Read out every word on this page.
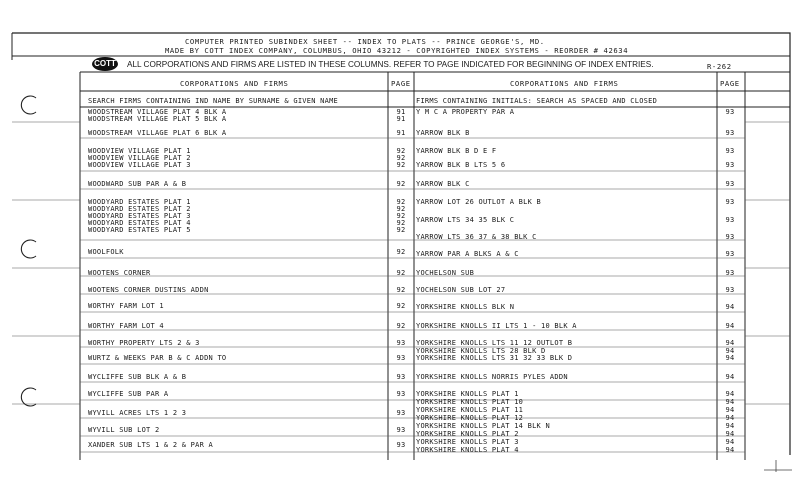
COMPUTER PRINTED SUBINDEX SHEET -- INDEX TO PLATS -- PRINCE GEORGE'S, MD.
MADE BY COTT INDEX COMPANY, COLUMBUS, OHIO 43212 - COPYRIGHTED INDEX SYSTEMS - REORDER # 42634
COTT ALL CORPORATIONS AND FIRMS ARE LISTED IN THESE COLUMNS. REFER TO PAGE INDICATED FOR BEGINNING OF INDEX ENTRIES.	R-262
CORPORATIONS AND FIRMS	PAGE	CORPORATIONS AND FIRMS	PAGE
SEARCH FIRMS CONTAINING IND NAME BY SURNAME & GIVEN NAME	FIRMS CONTAINING INITIALS: SEARCH AS SPACED AND CLOSED
WOODSTREAM VILLAGE PLAT 4 BLK A	91
WOODSTREAM VILLAGE PLAT 5 BLK A	91
WOODSTREAM VILLAGE PLAT 6 BLK A	91
WOODVIEW VILLAGE PLAT 1	92
WOODVIEW VILLAGE PLAT 2	92
WOODVIEW VILLAGE PLAT 3	92
WOODWARD SUB PAR A & B	92
WOODYARD ESTATES PLAT 1	92
WOODYARD ESTATES PLAT 2	92
WOODYARD ESTATES PLAT 3	92
WOODYARD ESTATES PLAT 4	92
WOODYARD ESTATES PLAT 5	92
WOOLFOLK	92
WOOTENS CORNER	92
WOOTENS CORNER DUSTINS ADDN	92
WORTHY FARM LOT 1	92
WORTHY FARM LOT 4	92
WORTHY PROPERTY LTS 2 & 3	93
WURTZ & WEEKS PAR B & C ADDN TO	93
WYCLIFFE SUB BLK A & B	93
WYCLIFFE SUB PAR A	93
WYVILL ACRES LTS 1 2 3	93
WYVILL SUB LOT 2	93
XANDER SUB LTS 1 & 2 & PAR A	93
Y M C A PROPERTY PAR A	93
YARROW BLK B	93
YARROW BLK B D E F	93
YARROW BLK B LTS 5 6	93
YARROW BLK C	93
YARROW LOT 26 OUTLOT A BLK B	93
YARROW LTS 34 35 BLK C	93
YARROW LTS 36 37 & 38 BLK C	93
YARROW PAR A BLKS A & C	93
YOCHELSON SUB	93
YOCHELSON SUB LOT 27	93
YORKSHIRE KNOLLS BLK N	94
YORKSHIRE KNOLLS II LTS 1 - 10 BLK A	94
YORKSHIRE KNOLLS LTS 11 12 OUTLOT B	94
YORKSHIRE KNOLLS LTS 28 BLK D	94
YORKSHIRE KNOLLS LTS 31 32 33 BLK D	94
YORKSHIRE KNOLLS NORRIS PYLES ADDN	94
YORKSHIRE KNOLLS PLAT 1	94
YORKSHIRE KNOLLS PLAT 10	94
YORKSHIRE KNOLLS PLAT 11	94
YORKSHIRE KNOLLS PLAT 12	94
YORKSHIRE KNOLLS PLAT 14 BLK N	94
YORKSHIRE KNOLLS PLAT 2	94
YORKSHIRE KNOLLS PLAT 3	94
YORKSHIRE KNOLLS PLAT 4	94
